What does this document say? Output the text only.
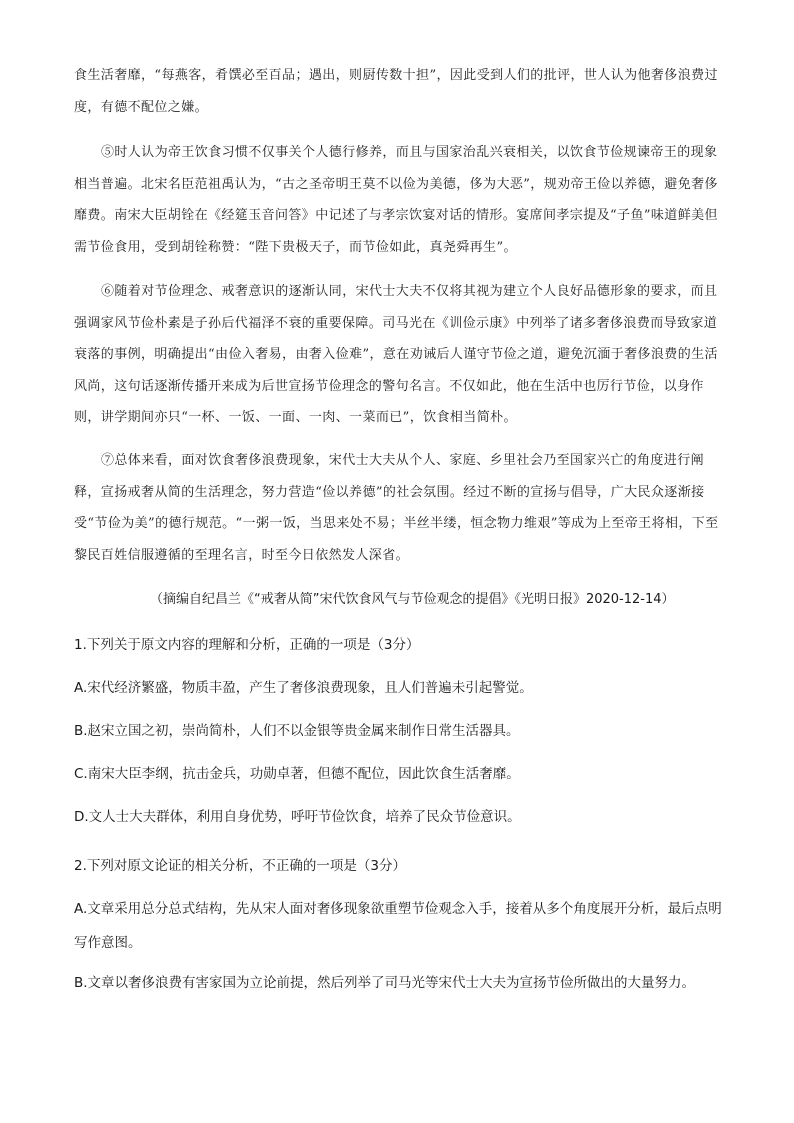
食生活奢靡，“每燕客，肴馔必至百品；遇出，则厨传数十担”，因此受到人们的批评，世人认为他奢侈浪费过度，有德不配位之嫌。

⑤时人认为帝王饮食习惯不仅事关个人德行修养，而且与国家治乱兴衰相关，以饮食节俭规谏帝王的现象相当普遍。北宋名臣范祖禹认为，“古之圣帝明王莫不以俭为美德，侈为大恶”，规劝帝王俭以养德，避免奢侈靡费。南宋大臣胡铨在《经筵玉音问答》中记述了与孝宗饮宴对话的情形。宴席间孝宗提及“子鱼”味道鲜美但需节俭食用，受到胡铨称赞：“陛下贵极天子，而节俭如此，真尧舜再生”。

⑥随着对节俭理念、戒奢意识的逐渐认同，宋代士大夫不仅将其视为建立个人良好品德形象的要求，而且强调家风节俭朴素是子孙后代福泽不衰的重要保障。司马光在《训俭示康》中列举了诸多奢侈浪费而导致家道衰落的事例，明确提出“由俭入奢易，由奢入俭难”，意在劝诫后人谨守节俭之道，避免沉湎于奢侈浪费的生活风尚，这句话逐渐传播开来成为后世宣扬节俭理念的警句名言。不仅如此，他在生活中也厉行节俭，以身作则，讲学期间亦只“一杯、一饭、一面、一肉、一菜而已”，饮食相当简朴。

⑦总体来看，面对饮食奢侈浪费现象，宋代士大夫从个人、家庭、乡里社会乃至国家兴亡的角度进行阐释，宣扬戒奢从简的生活理念，努力营造“俭以养德”的社会氛围。经过不断的宣扬与倡导，广大民众逐渐接受“节俭为美”的德行规范。“一粥一饭，当思来处不易；半丝半缕，恒念物力维艰”等成为上至帝王将相，下至黎民百姓信服遵循的至理名言，时至今日依然发人深省。

（摘编自纪昌兰《“戒奢从简”宋代饮食风气与节俭观念的提倡》《光明日报》2020-12-14）

1.下列关于原文内容的理解和分析，正确的一项是（3分）

A.宋代经济繁盛，物质丰盈，产生了奢侈浪费现象，且人们普遍未引起警觉。

B.赵宋立国之初，崇尚简朴，人们不以金银等贵金属来制作日常生活器具。

C.南宋大臣李纲，抗击金兵，功勋卓著，但德不配位，因此饮食生活奢靡。

D.文人士大夫群体，利用自身优势，呼吁节俭饮食，培养了民众节俭意识。

2.下列对原文论证的相关分析，不正确的一项是（3分）

A.文章采用总分总式结构，先从宋人面对奢侈现象欲重塑节俭观念入手，接着从多个角度展开分析，最后点明写作意图。

B.文章以奢侈浪费有害家国为立论前提，然后列举了司马光等宋代士大夫为宣扬节俭所做出的大量努力。
